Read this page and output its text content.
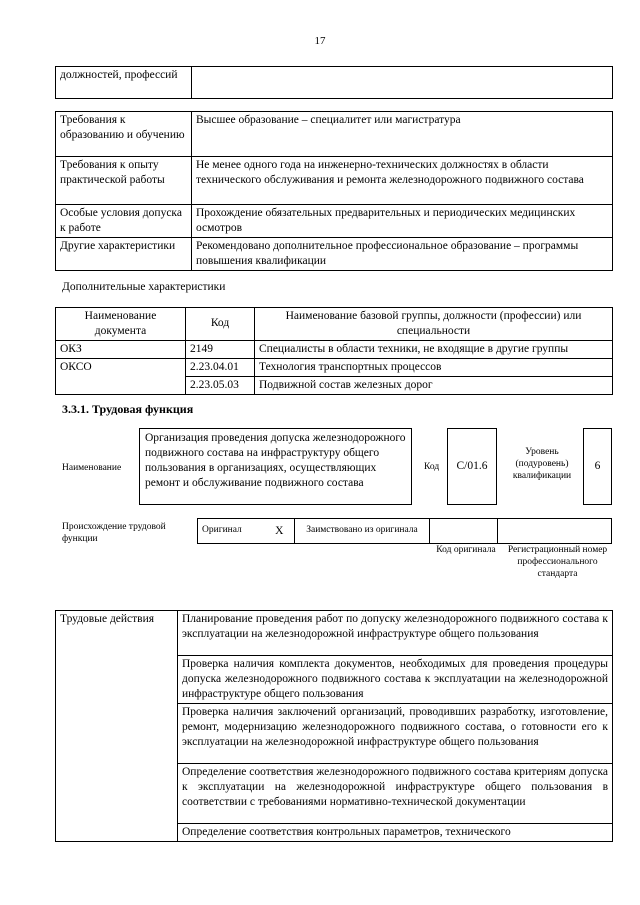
17
должностей, профессий	
Требования к образованию и обучению	Высшее образование – специалитет или магистратура
Требования к опыту практической работы	Не менее одного года на инженерно-технических должностях в области технического обслуживания и ремонта железнодорожного подвижного состава
Особые условия допуска к работе	Прохождение обязательных предварительных и периодических медицинских осмотров
Другие характеристики	Рекомендовано дополнительное профессиональное образование – программы повышения квалификации
Дополнительные характеристики
Наименование документа	Код	Наименование базовой группы, должности (профессии) или специальности
ОКЗ	2149	Специалисты в области техники, не входящие в другие группы
ОКСО	2.23.04.01	Технология транспортных процессов
	2.23.05.03	Подвижной состав железных дорог
3.3.1. Трудовая функция
Наименование
Организация проведения допуска железнодорожного подвижного состава на инфраструктуру общего пользования в организациях, осуществляющих ремонт и обслуживание подвижного состава
Код C/01.6
Уровень (подуровень) квалификации
6
Происхождение трудовой функции
Оригинал	X	Заимствовано из оригинала		
Код оригинала	Регистрационный номер профессионального стандарта
Трудовые действия	Планирование проведения работ по допуску железнодорожного подвижного состава к эксплуатации на железнодорожной инфраструктуре общего пользования
Проверка наличия комплекта документов, необходимых для проведения процедуры допуска железнодорожного подвижного состава к эксплуатации на железнодорожной инфраструктуре общего пользования
Проверка наличия заключений организаций, проводивших разработку, изготовление, ремонт, модернизацию железнодорожного подвижного состава, о готовности его к эксплуатации на железнодорожной инфраструктуре общего пользования
Определение соответствия железнодорожного подвижного состава критериям допуска к эксплуатации на железнодорожной инфраструктуре общего пользования в соответствии с требованиями нормативно-технической документации
Определение соответствия контрольных параметров, технического
